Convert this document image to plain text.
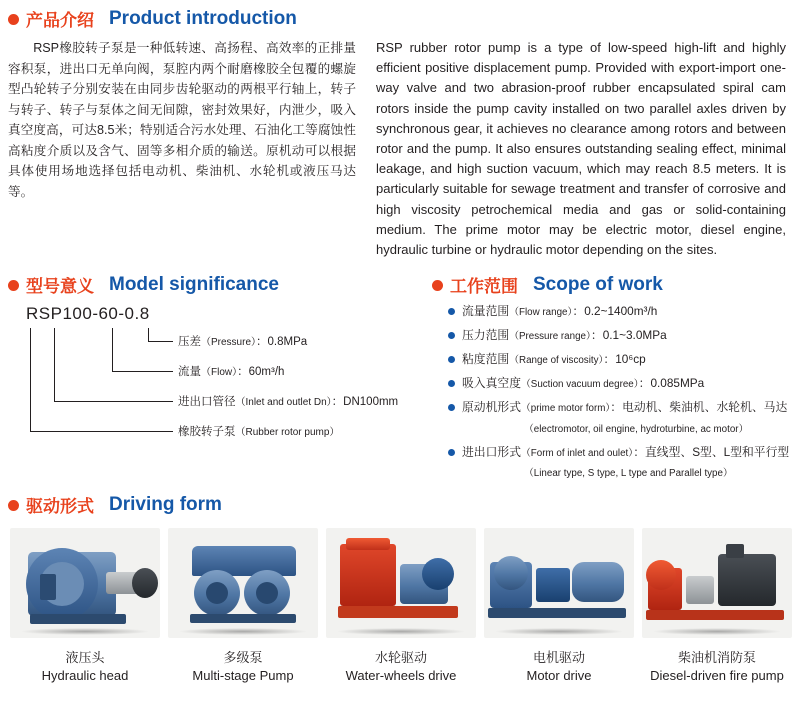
产品介绍 Product introduction
RSP橡胶转子泵是一种低转速、高扬程、高效率的正排量容积泵，进出口无单向阀，泵腔内两个耐磨橡胶全包覆的螺旋型凸轮转子分别安装在由同步齿轮驱动的两根平行轴上，转子与转子、转子与泵体之间无间隙，密封效果好，内泄少，吸入真空度高，可达8.5米；特别适合污水处理、石油化工等腐蚀性高粘度介质以及含气、固等多相介质的输送。原机动可以根据具体使用场地选择包括电动机、柴油机、水轮机或液压马达等。
RSP rubber rotor pump is a type of low-speed high-lift and highly efficient positive displacement pump. Provided with export-import one-way valve and two abrasion-proof rubber encapsulated spiral cam rotors inside the pump cavity installed on two parallel axles driven by synchronous gear, it achieves no clearance among rotors and between rotor and the pump. It also ensures outstanding sealing effect, minimal leakage, and high suction vacuum, which may reach 8.5 meters. It is particularly suitable for sewage treatment and transfer of corrosive and high viscosity petrochemical media and gas or solid-containing medium. The prime motor may be electric motor, diesel engine, hydraulic turbine or hydraulic motor depending on the sites.
型号意义 Model significance
RSP100-60-0.8
压差（Pressure）：0.8MPa
流量（Flow）：60m³/h
进出口管径（Inlet and outlet Dn）：DN100mm
橡胶转子泵（Rubber rotor pump）
工作范围 Scope of work
流量范围（Flow range）：0.2~1400m³/h
压力范围（Pressure range）：0.1~3.0MPa
粘度范围（Range of viscosity）：10⁶cp
吸入真空度（Suction vacuum degree）：0.085MPa
原动机形式（prime motor form）：电动机、柴油机、水轮机、马达
（electromotor, oil engine, hydroturbine, ac motor）
进出口形式（Form of inlet and oulet）：直线型、S型、L型和平行型
（Linear type, S type, L type and Parallel type）
驱动形式 Driving form
液压头
Hydraulic head
多级泵
Multi-stage Pump
水轮驱动
Water-wheels drive
电机驱动
Motor drive
柴油机消防泵
Diesel-driven fire pump
